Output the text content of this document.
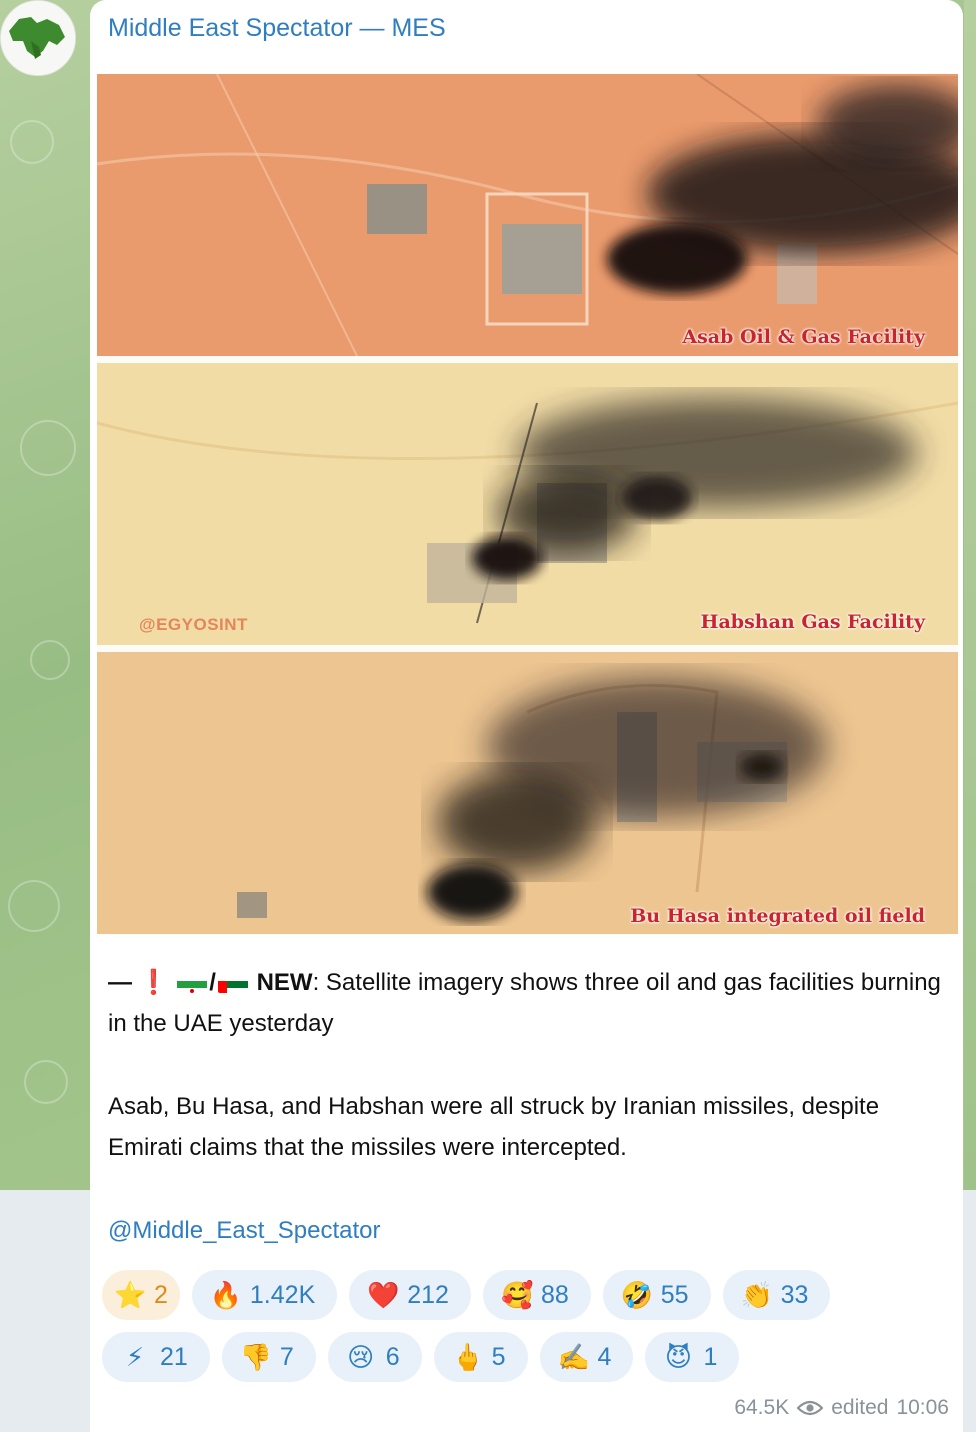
Middle East Spectator — MES
Asab Oil & Gas Facility
@EGYOSINT	Habshan Gas Facility
Bu Hasa integrated oil field

— ❗ / NEW: Satellite imagery shows three oil and gas facilities burning in the UAE yesterday

Asab, Bu Hasa, and Habshan were all struck by Iranian missiles, despite Emirati claims that the missiles were intercepted.

@Middle_East_Spectator

⭐ 2 🔥 1.42K ❤️ 212 🥰 88 🤣 55 👏 33
⚡ 21 👎 7 😢 6 🖕 5 ✍️ 4 😈 1
64.5K edited 10:06
